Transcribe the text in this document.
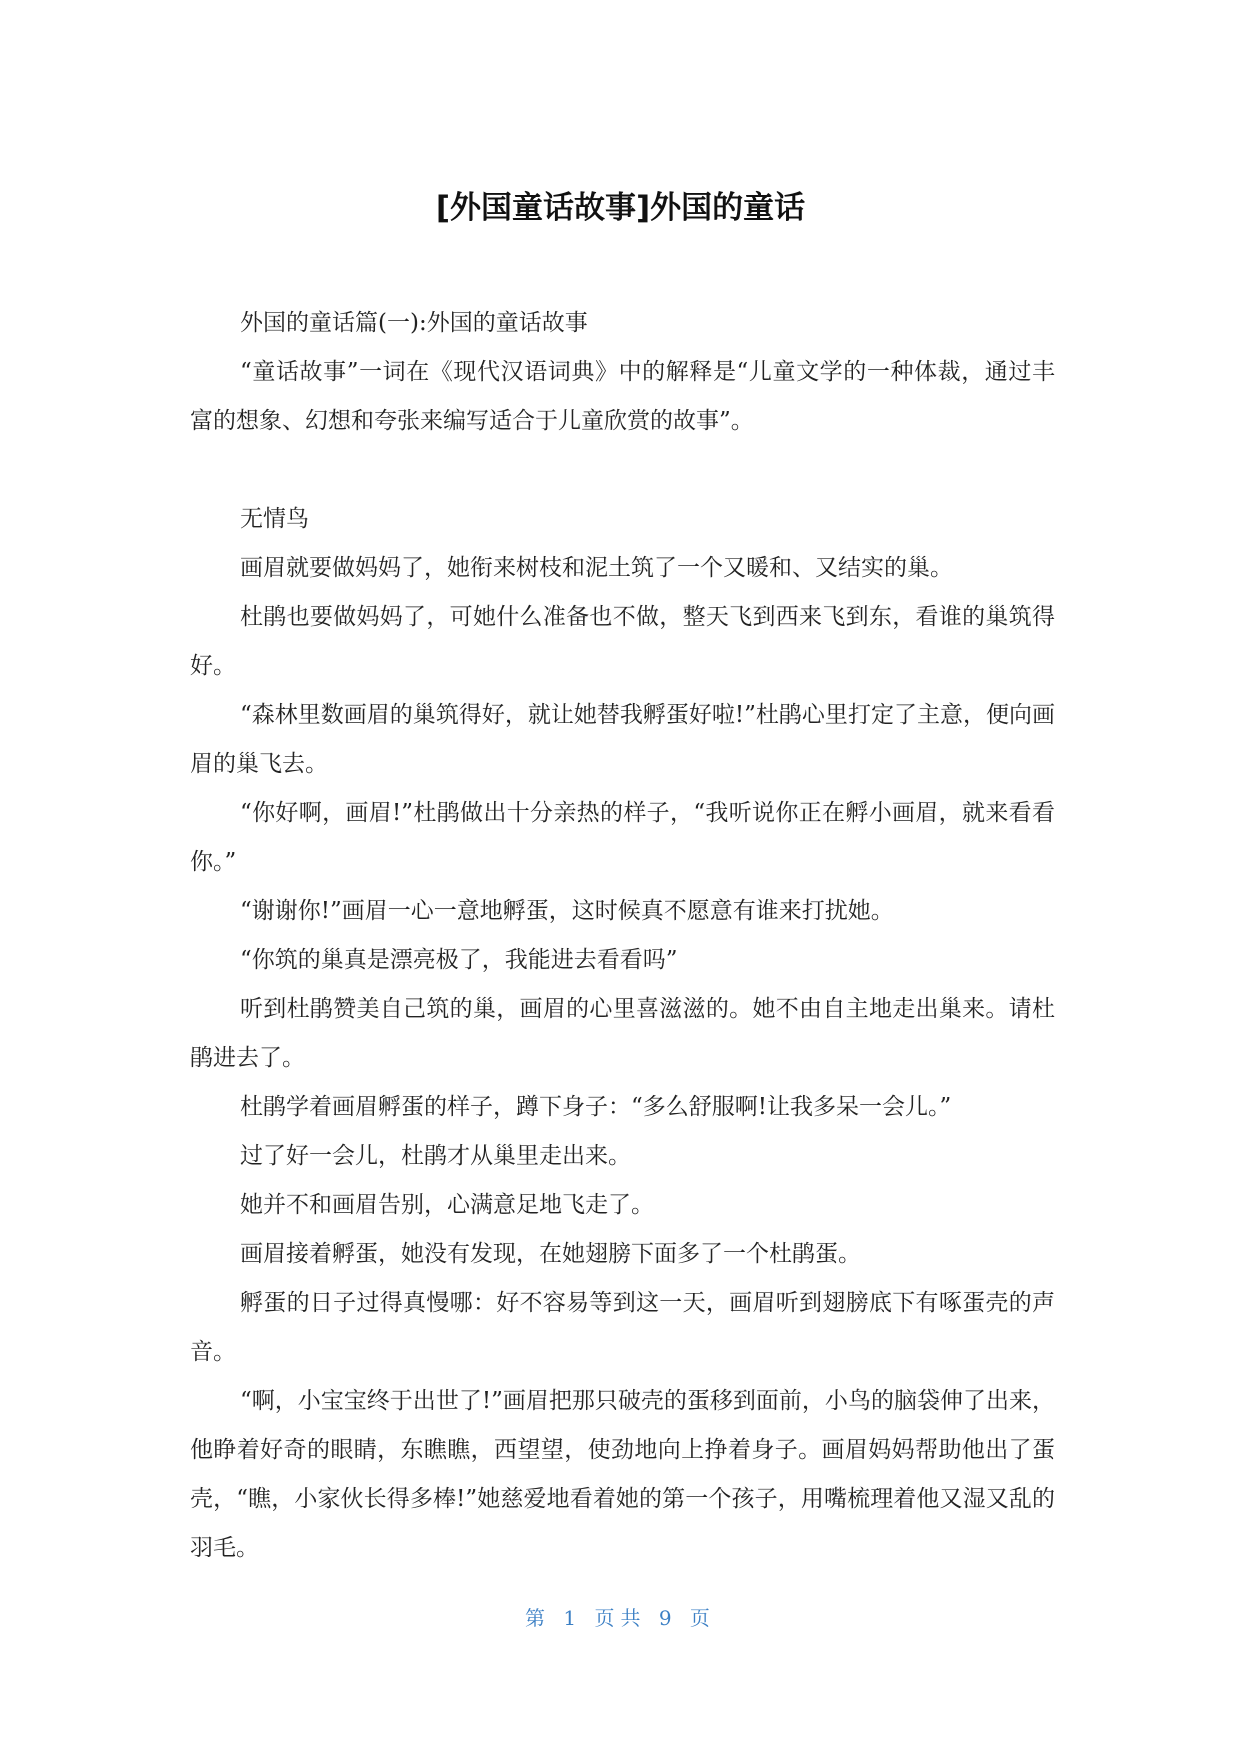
[外国童话故事]外国的童话

外国的童话篇(一):外国的童话故事

“童话故事”一词在《现代汉语词典》中的解释是“儿童文学的一种体裁，通过丰富的想象、幻想和夸张来编写适合于儿童欣赏的故事”。

无情鸟

画眉就要做妈妈了，她衔来树枝和泥土筑了一个又暖和、又结实的巢。

杜鹃也要做妈妈了，可她什么准备也不做，整天飞到西来飞到东，看谁的巢筑得好。

“森林里数画眉的巢筑得好，就让她替我孵蛋好啦!”杜鹃心里打定了主意，便向画眉的巢飞去。

“你好啊，画眉!”杜鹃做出十分亲热的样子，“我听说你正在孵小画眉，就来看看你。”

“谢谢你!”画眉一心一意地孵蛋，这时候真不愿意有谁来打扰她。

“你筑的巢真是漂亮极了，我能进去看看吗”

听到杜鹃赞美自己筑的巢，画眉的心里喜滋滋的。她不由自主地走出巢来。请杜鹃进去了。

杜鹃学着画眉孵蛋的样子，蹲下身子：“多么舒服啊!让我多呆一会儿。”

过了好一会儿，杜鹃才从巢里走出来。

她并不和画眉告别，心满意足地飞走了。

画眉接着孵蛋，她没有发现，在她翅膀下面多了一个杜鹃蛋。

孵蛋的日子过得真慢哪：好不容易等到这一天，画眉听到翅膀底下有啄蛋壳的声音。

“啊，小宝宝终于出世了!”画眉把那只破壳的蛋移到面前，小鸟的脑袋伸了出来，他睁着好奇的眼睛，东瞧瞧，西望望，使劲地向上挣着身子。画眉妈妈帮助他出了蛋壳，“瞧，小家伙长得多棒!”她慈爱地看着她的第一个孩子，用嘴梳理着他又湿又乱的羽毛。

第 1 页共 9 页
